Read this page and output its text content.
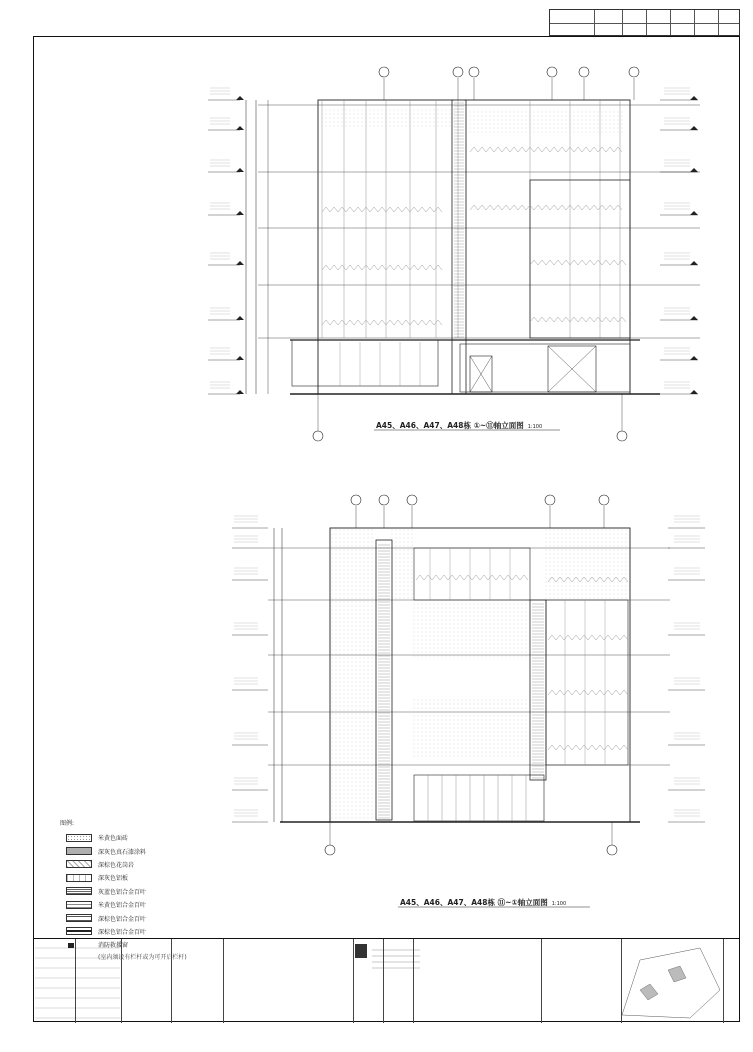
A45、A46、A47、A48栋 ①~⑪轴立面图 1:100
A45、A46、A47、A48栋 ⑪~①轴立面图 1:100
图例:
米黄色面砖
深灰色真石漆涂料
深棕色花岗岩
深灰色铝板
灰蓝色铝合金百叶
米黄色铝合金百叶
深棕色铝合金百叶
深棕色铝合金百叶
消防救援窗
(室内须设有栏杆或为可开启栏杆)
